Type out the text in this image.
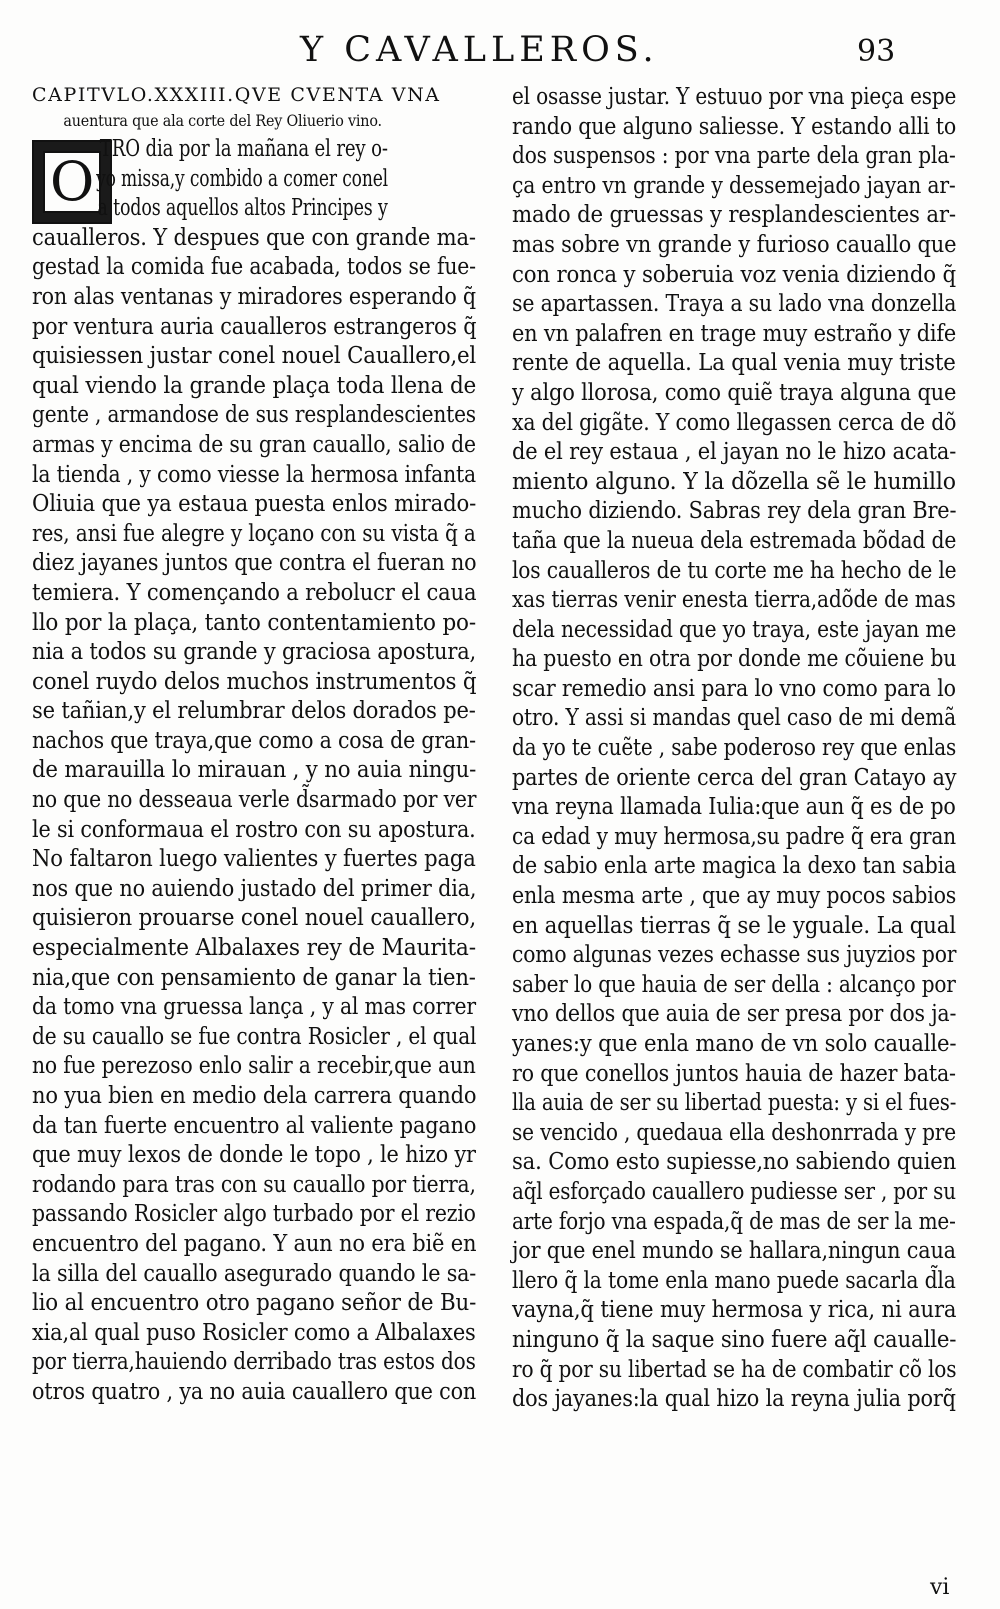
Y CAVALLEROS.	93
CAPITVLO.XXXIII.QVE CVENTA VNA
auentura que ala corte del Rey Oliuerio vino.
O
TRO dia por la mañana el rey o-
yo missa,y combido a comer conel
a todos aquellos altos Principes y
caualleros. Y despues que con grande ma-
gestad la comida fue acabada, todos se fue-
ron alas ventanas y miradores esperando q̃
por ventura auria caualleros estrangeros q̃
quisiessen justar conel nouel Cauallero,el
qual viendo la grande plaça toda llena de
gente , armandose de sus resplandescientes
armas y encima de su gran cauallo, salio de
la tienda , y como viesse la hermosa infanta
Oliuia que ya estaua puesta enlos mirado-
res, ansi fue alegre y loçano con su vista q̃ a
diez jayanes juntos que contra el fueran no
temiera. Y començando a rebolucr el caua
llo por la plaça, tanto contentamiento po-
nia a todos su grande y graciosa apostura,
conel ruydo delos muchos instrumentos q̃
se tañian,y el relumbrar delos dorados pe-
nachos que traya,que como a cosa de gran-
de marauilla lo mirauan , y no auia ningu-
no que no desseaua verle d̃sarmado por ver
le si conformaua el rostro con su apostura.
No faltaron luego valientes y fuertes paga
nos que no auiendo justado del primer dia,
quisieron prouarse conel nouel cauallero,
especialmente Albalaxes rey de Maurita-
nia,que con pensamiento de ganar la tien-
da tomo vna gruessa lança , y al mas correr
de su cauallo se fue contra Rosicler , el qual
no fue perezoso enlo salir a recebir,que aun
no yua bien en medio dela carrera quando
da tan fuerte encuentro al valiente pagano
que muy lexos de donde le topo , le hizo yr
rodando para tras con su cauallo por tierra,
passando Rosicler algo turbado por el rezio
encuentro del pagano. Y aun no era biẽ en
la silla del cauallo asegurado quando le sa-
lio al encuentro otro pagano señor de Bu-
xia,al qual puso Rosicler como a Albalaxes
por tierra,hauiendo derribado tras estos dos
otros quatro , ya no auia cauallero que con
el osasse justar. Y estuuo por vna pieça espe
rando que alguno saliesse. Y estando alli to
dos suspensos : por vna parte dela gran pla-
ça entro vn grande y dessemejado jayan ar-
mado de gruessas y resplandescientes ar-
mas sobre vn grande y furioso cauallo que
con ronca y soberuia voz venia diziendo q̃
se apartassen. Traya a su lado vna donzella
en vn palafren en trage muy estraño y dife
rente de aquella. La qual venia muy triste
y algo llorosa, como quiẽ traya alguna que
xa del gigãte. Y como llegassen cerca de dõ
de el rey estaua , el jayan no le hizo acata-
miento alguno. Y la dõzella sẽ le humillo
mucho diziendo. Sabras rey dela gran Bre-
taña que la nueua dela estremada bõdad de
los caualleros de tu corte me ha hecho de le
xas tierras venir enesta tierra,adõde de mas
dela necessidad que yo traya, este jayan me
ha puesto en otra por donde me cõuiene bu
scar remedio ansi para lo vno como para lo
otro. Y assi si mandas quel caso de mi demã
da yo te cuẽte , sabe poderoso rey que enlas
partes de oriente cerca del gran Catayo ay
vna reyna llamada Iulia:que aun q̃ es de po
ca edad y muy hermosa,su padre q̃ era gran
de sabio enla arte magica la dexo tan sabia
enla mesma arte , que ay muy pocos sabios
en aquellas tierras q̃ se le yguale. La qual
como algunas vezes echasse sus juyzios por
saber lo que hauia de ser della : alcanço por
vno dellos que auia de ser presa por dos ja-
yanes:y que enla mano de vn solo caualle-
ro que conellos juntos hauia de hazer bata-
lla auia de ser su libertad puesta: y si el fues-
se vencido , quedaua ella deshonrrada y pre
sa. Como esto supiesse,no sabiendo quien
aq̃l esforçado cauallero pudiesse ser , por su
arte forjo vna espada,q̃ de mas de ser la me-
jor que enel mundo se hallara,ningun caua
llero q̃ la tome enla mano puede sacarla d̃la
vayna,q̃ tiene muy hermosa y rica, ni aura
ninguno q̃ la saque sino fuere aq̃l caualle-
ro q̃ por su libertad se ha de combatir cõ los
dos jayanes:la qual hizo la reyna julia porq̃
vi
